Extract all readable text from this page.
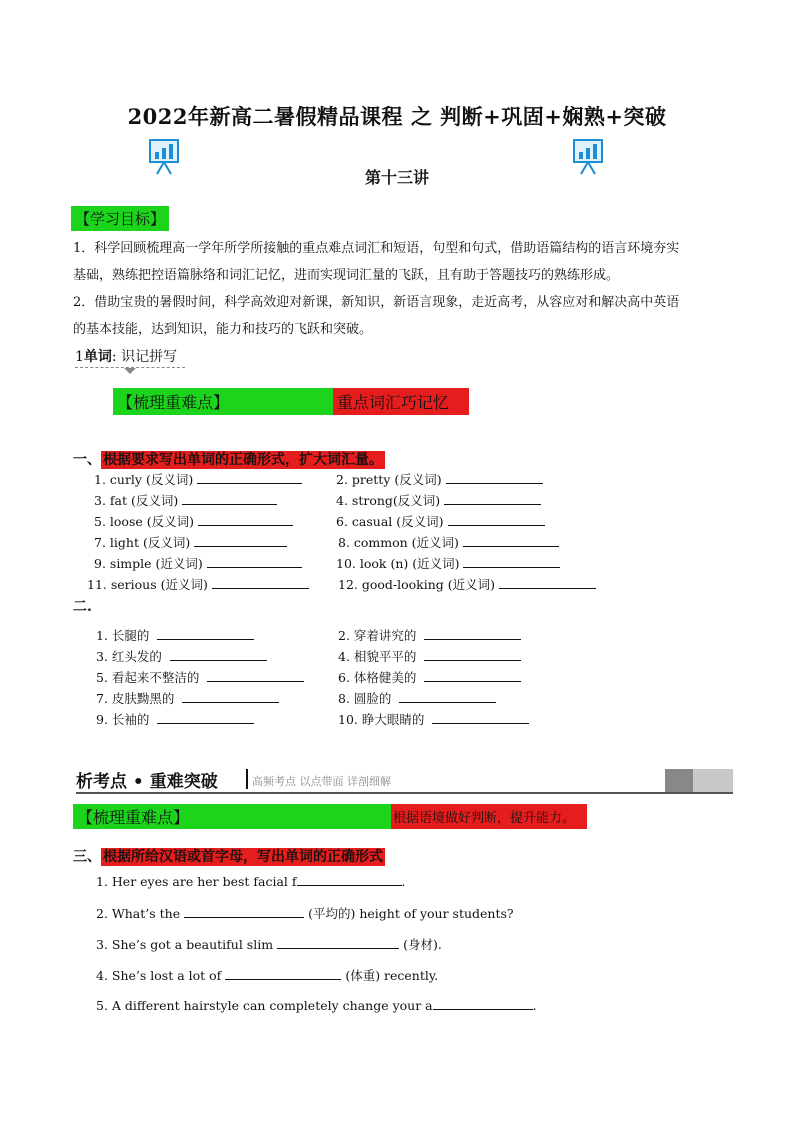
2022年新高二暑假精品课程 之 判断+巩固+娴熟+突破
第十三讲
【学习目标】
1．科学回顾梳理高一学年所学所接触的重点难点词汇和短语，句型和句式，借助语篇结构的语言环境夯实
基础，熟练把控语篇脉络和词汇记忆，进而实现词汇量的飞跃，且有助于答题技巧的熟练形成。
2．借助宝贵的暑假时间，科学高效迎对新课，新知识，新语言现象，走近高考，从容应对和解决高中英语
的基本技能，达到知识，能力和技巧的飞跃和突破。
1单词: 识记拼写
【梳理重难点】	重点词汇巧记忆
一、 根据要求写出单词的正确形式，扩大词汇量。
1. curly (反义词)	2. pretty (反义词)
3. fat (反义词)	4. strong(反义词)
5. loose (反义词)	6. casual (反义词)
7. light (反义词)	8. common (近义词)
9. simple (近义词)	10. look (n) (近义词)
11. serious (近义词)	12. good-looking (近义词)
二.
1. 长腿的	2. 穿着讲究的
3. 红头发的	4. 相貌平平的
5. 看起来不整洁的	6. 体格健美的
7. 皮肤黝黑的	8. 圆脸的
9. 长袖的	10. 睁大眼睛的
析考点 • 重难突破	高频考点 以点带面 详剖细解
【梳理重难点】	根据语境做好判断，提升能力。
三、 根据所给汉语或首字母，写出单词的正确形式
1. Her eyes are her best facial f	.
2. What’s the	(平均的) height of your students?
3. She’s got a beautiful slim	(身材).
4. She’s lost a lot of	(体重) recently.
5. A different hairstyle can completely change your a	.
